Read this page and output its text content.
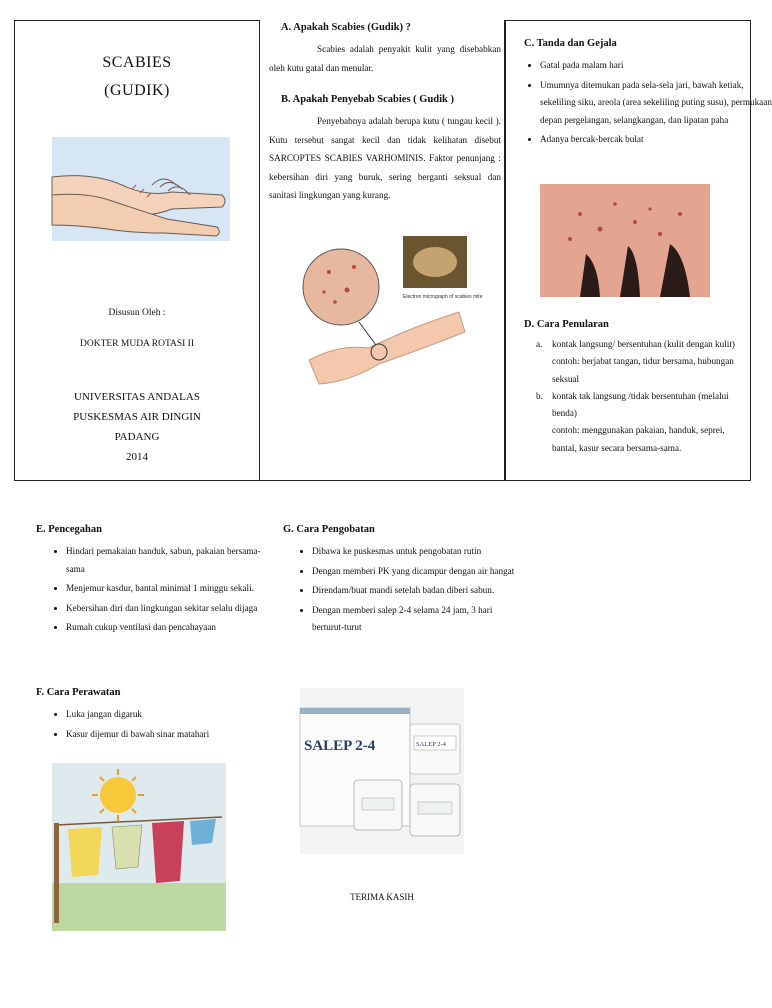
SCABIES
(GUDIK)
Disusun Oleh :
DOKTER MUDA ROTASI II
UNIVERSITAS ANDALAS
PUSKESMAS AIR DINGIN
PADANG
2014
A. Apakah Scabies (Gudik) ?
Scabies adalah penyakit kulit yang disebabkan oleh kutu gatal dan menular.
B. Apakah Penyebab Scabies ( Gudik )
Penyebabnya adalah berupa kutu ( tungau kecil ). Kutu tersebut sangat kecil dan tidak kelihatan disebut SARCOPTES SCABIES VARHOMINIS. Faktor penunjang : kebersihan diri yang buruk, sering berganti seksual dan sanitasi lingkungan yang kurang.
Electron micrograph of scabies mite
C. Tanda dan Gejala
• Gatal pada malam hari
• Umumnya ditemukan pada sela-sela jari, bawah ketiak, sekeliling siku, areola (area sekeliling puting susu), permukaan depan pergelangan, selangkangan, dan lipatan paha
• Adanya bercak-bercak bulat
D. Cara Penularan
a. kontak langsung/ bersentuhan (kulit dengan kulit)
contoh: berjabat tangan, tidur bersama, hubungan seksual
b. kontak tak langsung /tidak bersentuhan (melalui benda)
contoh: menggunakan pakaian, handuk, seprei, bantal, kasur secara bersama-sama.
E. Pencegahan
• Hindari pemakaian handuk, sabun, pakaian bersama-sama
• Menjemur kasdur, bantal minimal 1 minggu sekali.
• Kebersihan diri dan lingkungan sekitar selalu dijaga
• Rumah cukup ventilasi dan pencahayaan
F. Cara Perawatan
• Luka jangan digaruk
• Kasur dijemur di bawah sinar matahari
G. Cara Pengobatan
• Dibawa ke puskesmas untuk pengobatan rutin
• Dengan memberi PK yang dicampur dengan air hangat
• Direndam/buat mandi setelah badan diberi sabun.
• Dengan memberi salep 2-4 selama 24 jam, 3 hari berturut-turut
SALEP 2-4	SALEP 2-4
TERIMA KASIH
